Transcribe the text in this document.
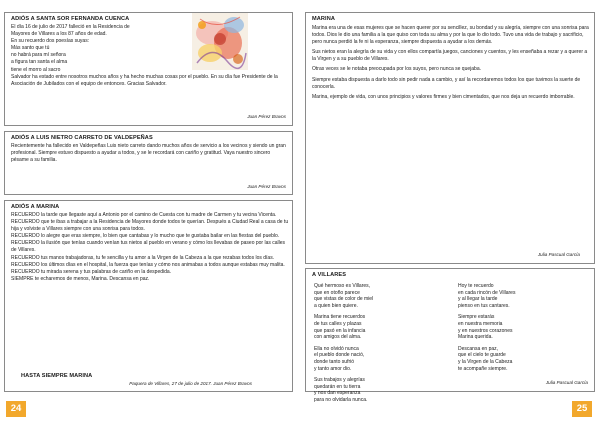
ADIÓS A SANTA SOR FERNANDA CUENCA
El día 16 de julio de 2017 falleció en la Residencia de
Mayores de Villares a los 87 años de edad.
En su recuerdo dos poesías suyas:
Más santo que tú
no habrá para mí señora
a figura tan santa el alma
tiene el morro al sacro

Salvador ha estado entre nosotros muchos años y ha hecho muchas cosas por el pueblo. En su día fue Presidente de la Asociación de Jubilados con el equipo de entonces. Gracias Salvador.

Juan Pérez Bravos
ADIÓS A LUIS NIETRO CARRETO DE VALDEPEÑAS

Recientemente ha fallecido en Valdepeñas Luis nieto carreto dando muchos años de servicio a los vecinos y siendo un gran profesional. Siempre estuvo dispuesto a ayudar a todos, y se le recordará con cariño y gratitud. Vaya nuestro sincero pésame a su familia.

Juan Pérez Bravos
ADIÓS A MARINA

RECUERDO la tarde que llegaste aquí a Antonio por el camino de Cuesta con tu madre de Carmen y tu vecina Vicenta.

RECUERDO que te ibas a trabajar a la Residencia de Mayores donde todos te querían. Después a Ciudad Real a casa de tu hija y volviste a Villares siempre con una sonrisa para todos.

RECUERDO lo alegre que eras siempre, lo bien que cantabas y lo mucho que te gustaba bailar en las fiestas del pueblo.

RECUERDO la ilusión que tenías cuando venían tus nietos al pueblo en verano y cómo los llevabas de paseo por las calles de Villares.

RECUERDO tus manos trabajadoras, tu fe sencilla y tu amor a la Virgen de la Cabeza a la que rezabas todos los días.

RECUERDO los últimos días en el hospital, la fuerza que tenías y cómo nos animabas a todos aunque estabas muy malita.

RECUERDO tu mirada serena y tus palabras de cariño en la despedida.

SIEMPRE te echaremos de menos, Marina. Descansa en paz.

HASTA SIEMPRE MARINA
Paquera de Villares, 27 de julio de 2017. Juan Pérez Bravos
24
MARINA

Marina era una de esas mujeres que se hacen querer por su sencillez, su bondad y su alegría, siempre con una sonrisa para todos. Dios le dio una familia a la que quiso con toda su alma y por la que lo dio todo. Tuvo una vida de trabajo y sacrificio, pero nunca perdió la fe ni la esperanza, siempre dispuesta a ayudar a los demás.

Sus nietos eran la alegría de su vida y con ellos compartía juegos, canciones y cuentos, y les enseñaba a rezar y a querer a la Virgen y a su pueblo de Villares.

Otras veces se le notaba preocupada por los suyos, pero nunca se quejaba.

Siempre estaba dispuesta a darlo todo sin pedir nada a cambio, y así la recordaremos todos los que tuvimos la suerte de conocerla.

Marina, ejemplo de vida, con unos principios y valores firmes y bien cimentados, que nos deja un recuerdo imborrable.

Julia Pascual García
A VILLARES

Qué hermoso es Villares,
que en otoño parece
que vistas de color de miel
a quien bien quiere.

Marina tiene recuerdos
de tus calles y plazas
que pasó en la infancia
con amigos del alma.

Ella no olvidó nunca
el pueblo donde nació,
donde tanto sufrió
y tanto amor dio.

Sus trabajos y alegrías
quedarán en tu tierra
y nos dan esperanza
para no olvidarla nunca.

Hoy te recuerdo
en cada rincón de Villares
y al llegar la tarde
pienso en tus cantares.

Siempre estarás
en nuestra memoria
y en nuestros corazones
Marina querida.

Descansa en paz,
que el cielo te guarde
y la Virgen de la Cabeza
te acompañe siempre.

Julia Pascual García
25
